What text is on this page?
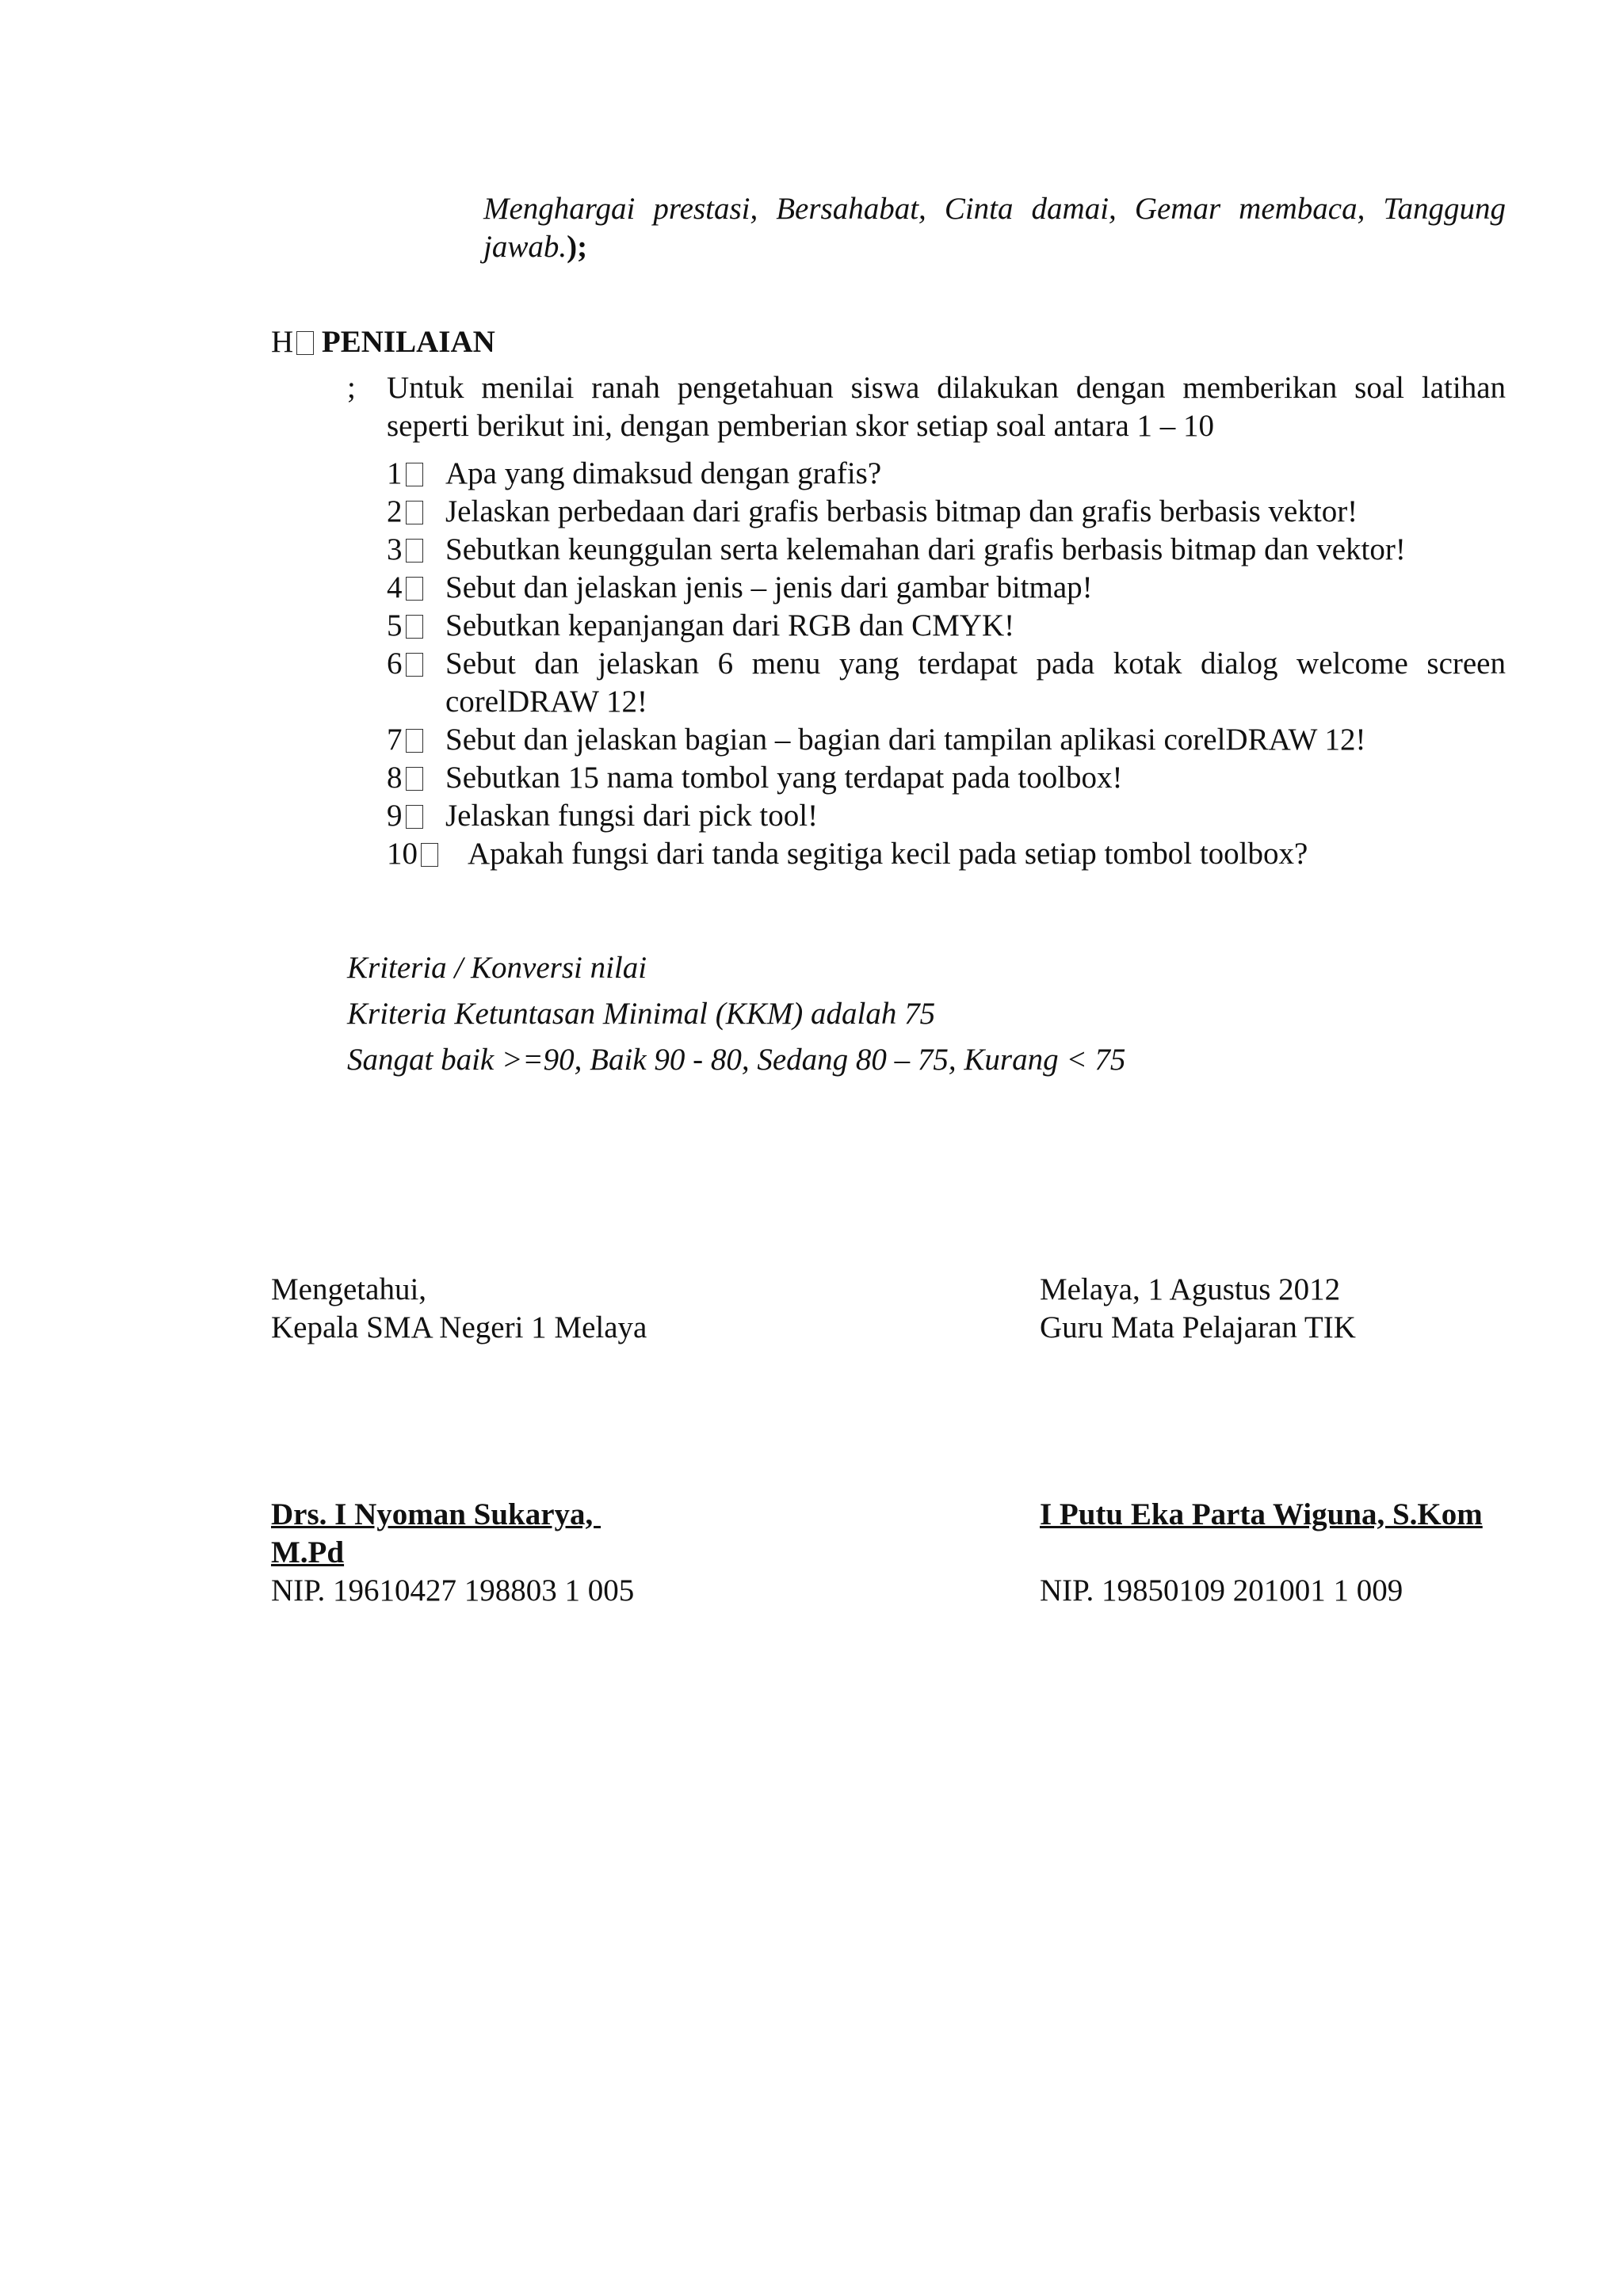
Menghargai prestasi, Bersahabat, Cinta damai, Gemar membaca, Tanggung
jawab.);
H PENILAIAN
; Untuk menilai ranah pengetahuan siswa dilakukan dengan memberikan soal latihan
seperti berikut ini, dengan pemberian skor setiap soal antara 1 – 10
1	Apa yang dimaksud dengan grafis?
2	Jelaskan perbedaan dari grafis berbasis bitmap dan grafis berbasis vektor!
3	Sebutkan keunggulan serta kelemahan dari grafis berbasis bitmap dan vektor!
4	Sebut dan jelaskan jenis – jenis dari gambar bitmap!
5	Sebutkan kepanjangan dari RGB dan CMYK!
6	Sebut dan jelaskan 6 menu yang terdapat pada kotak dialog welcome screen
corelDRAW 12!
7	Sebut dan jelaskan bagian – bagian dari tampilan aplikasi corelDRAW 12!
8	Sebutkan 15 nama tombol yang terdapat pada toolbox!
9	Jelaskan fungsi dari pick tool!
10	Apakah fungsi dari tanda segitiga kecil pada setiap tombol toolbox?
Kriteria / Konversi nilai
Kriteria Ketuntasan Minimal (KKM) adalah 75
Sangat baik >=90, Baik 90 - 80, Sedang 80 – 75, Kurang < 75
Mengetahui,
Kepala SMA Negeri 1 Melaya
Drs. I Nyoman Sukarya,
M.Pd
NIP. 19610427 198803 1 005
Melaya, 1 Agustus 2012
Guru Mata Pelajaran TIK
I Putu Eka Parta Wiguna, S.Kom
NIP. 19850109 201001 1 009
